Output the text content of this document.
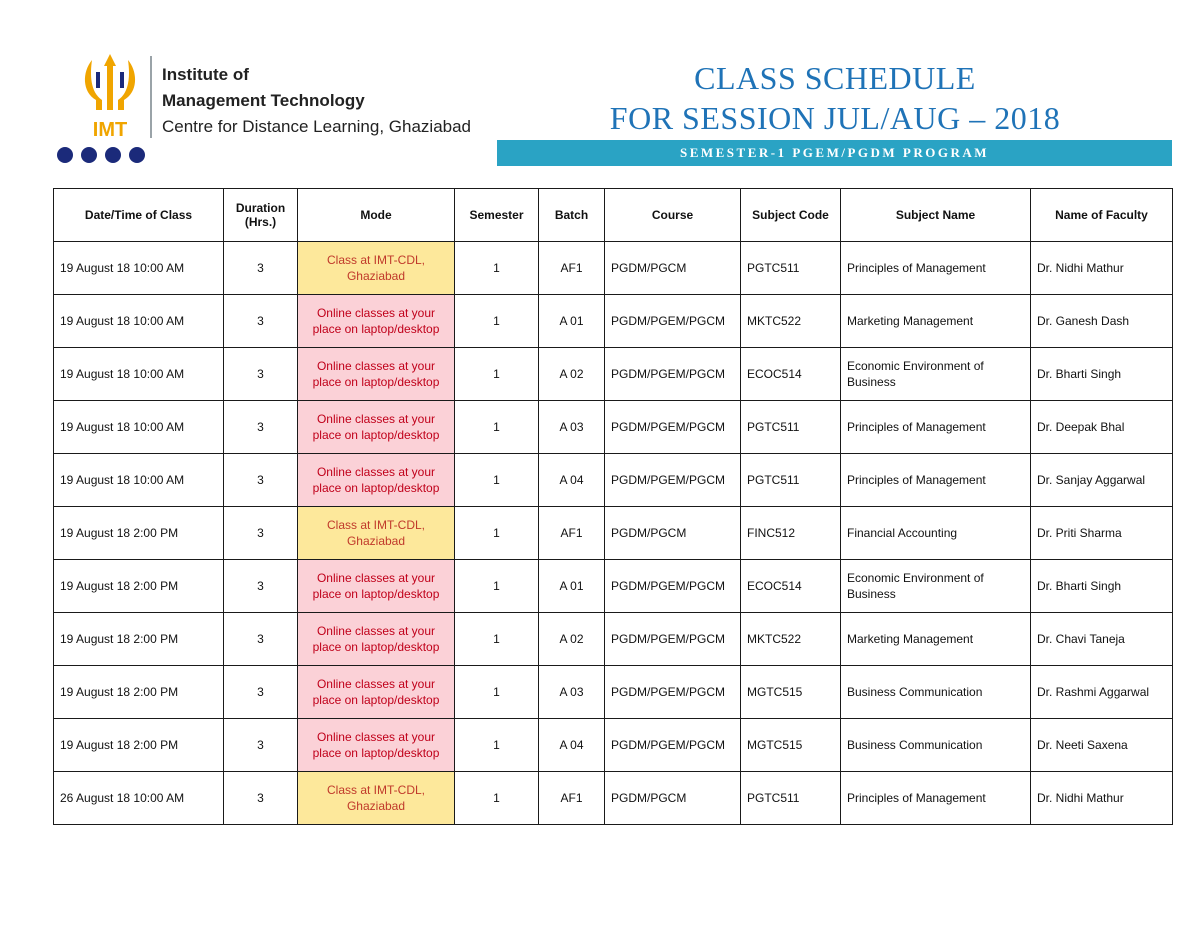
IMT
Institute of
Management Technology
Centre for Distance Learning, Ghaziabad
CLASS SCHEDULE
FOR SESSION JUL/AUG – 2018
SEMESTER-1 PGEM/PGDM PROGRAM
Date/Time of Class	Duration (Hrs.)	Mode	Semester	Batch	Course	Subject Code	Subject Name	Name of Faculty
19 August 18 10:00 AM	3	Class at IMT-CDL, Ghaziabad	1	AF1	PGDM/PGCM	PGTC511	Principles of Management	Dr. Nidhi Mathur
19 August 18 10:00 AM	3	Online classes at your place on laptop/desktop	1	A 01	PGDM/PGEM/PGCM	MKTC522	Marketing Management	Dr. Ganesh Dash
19 August 18 10:00 AM	3	Online classes at your place on laptop/desktop	1	A 02	PGDM/PGEM/PGCM	ECOC514	Economic Environment of Business	Dr. Bharti Singh
19 August 18 10:00 AM	3	Online classes at your place on laptop/desktop	1	A 03	PGDM/PGEM/PGCM	PGTC511	Principles of Management	Dr. Deepak Bhal
19 August 18 10:00 AM	3	Online classes at your place on laptop/desktop	1	A 04	PGDM/PGEM/PGCM	PGTC511	Principles of Management	Dr. Sanjay Aggarwal
19 August 18 2:00 PM	3	Class at IMT-CDL, Ghaziabad	1	AF1	PGDM/PGCM	FINC512	Financial Accounting	Dr. Priti Sharma
19 August 18 2:00 PM	3	Online classes at your place on laptop/desktop	1	A 01	PGDM/PGEM/PGCM	ECOC514	Economic Environment of Business	Dr. Bharti Singh
19 August 18 2:00 PM	3	Online classes at your place on laptop/desktop	1	A 02	PGDM/PGEM/PGCM	MKTC522	Marketing Management	Dr. Chavi Taneja
19 August 18 2:00 PM	3	Online classes at your place on laptop/desktop	1	A 03	PGDM/PGEM/PGCM	MGTC515	Business Communication	Dr. Rashmi Aggarwal
19 August 18 2:00 PM	3	Online classes at your place on laptop/desktop	1	A 04	PGDM/PGEM/PGCM	MGTC515	Business Communication	Dr. Neeti Saxena
26 August 18 10:00 AM	3	Class at IMT-CDL, Ghaziabad	1	AF1	PGDM/PGCM	PGTC511	Principles of Management	Dr. Nidhi Mathur
